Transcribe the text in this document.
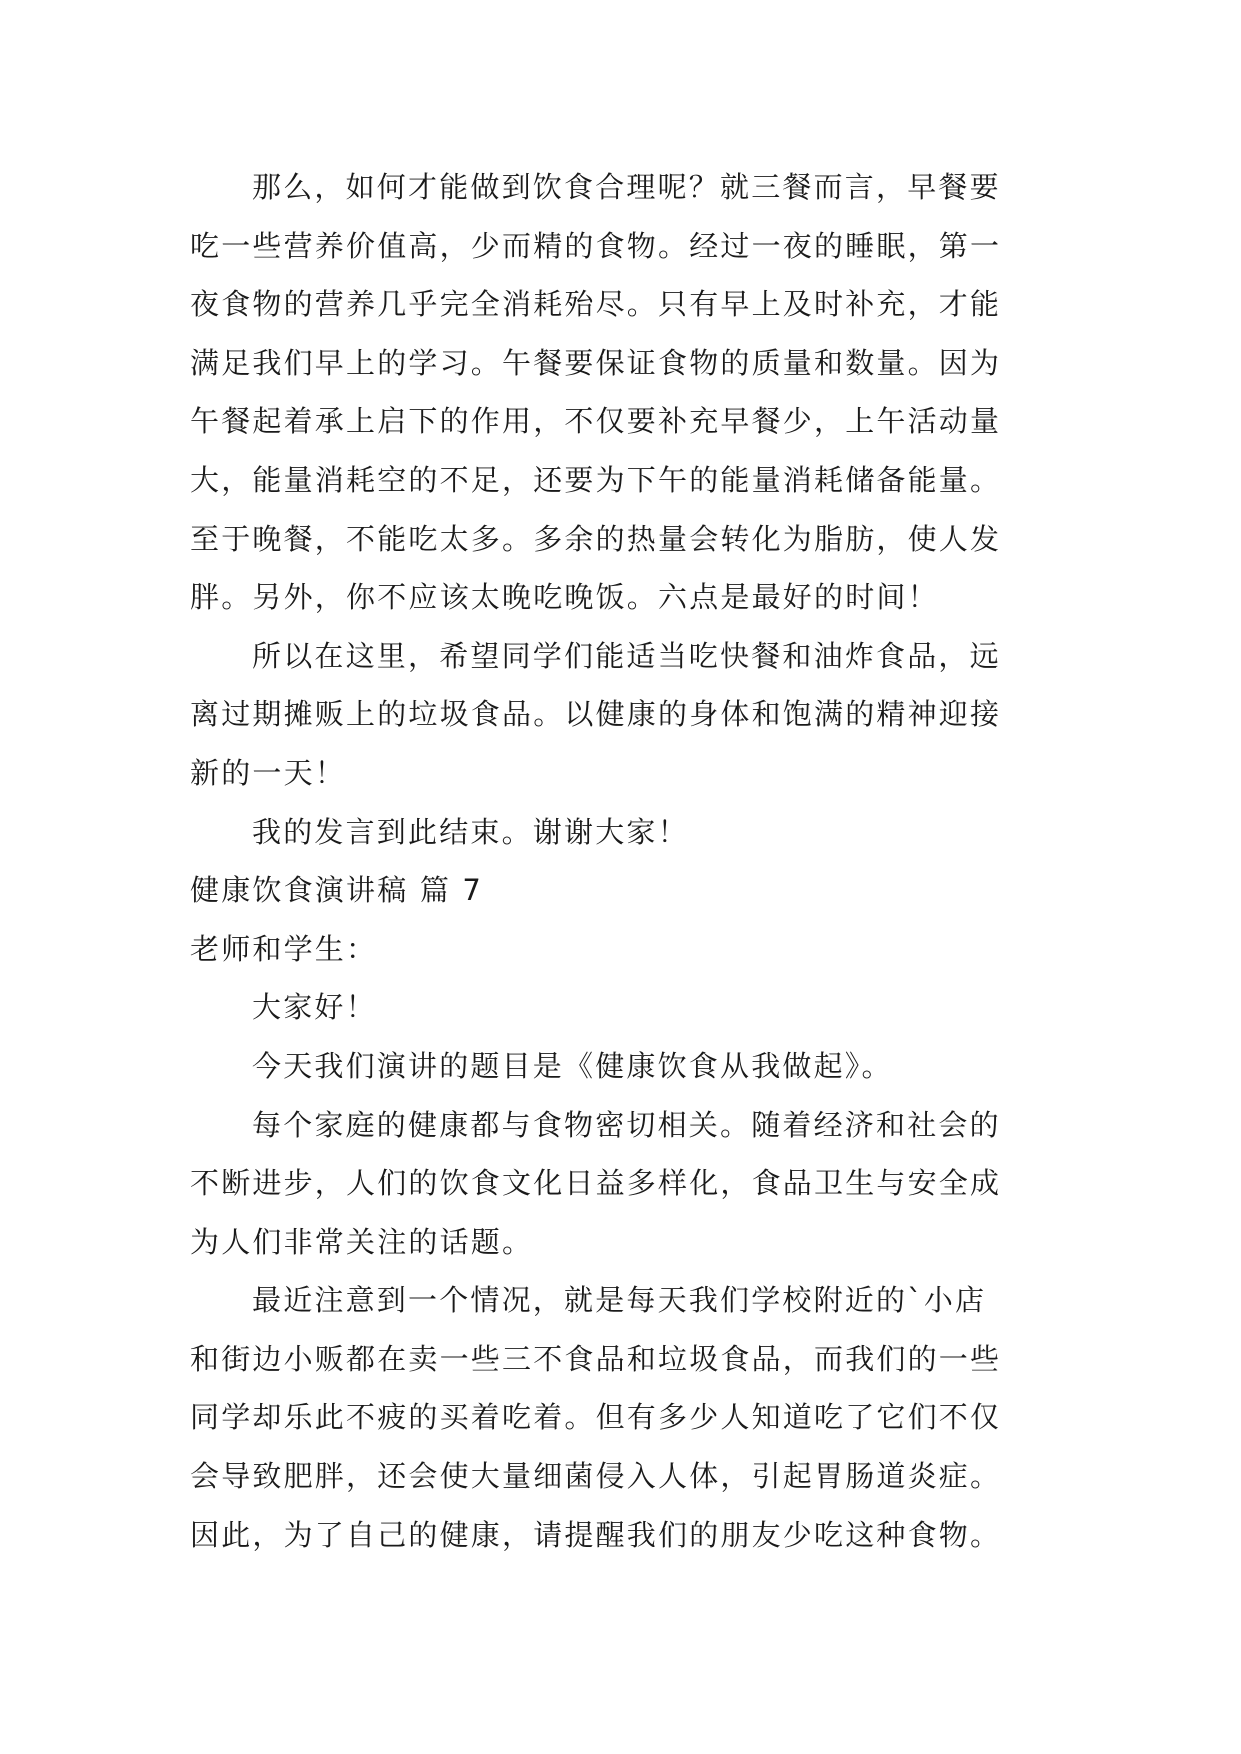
那么，如何才能做到饮食合理呢？就三餐而言，早餐要
吃一些营养价值高，少而精的食物。经过一夜的睡眠，第一
夜食物的营养几乎完全消耗殆尽。只有早上及时补充，才能
满足我们早上的学习。午餐要保证食物的质量和数量。因为
午餐起着承上启下的作用，不仅要补充早餐少，上午活动量
大，能量消耗空的不足，还要为下午的能量消耗储备能量。
至于晚餐，不能吃太多。多余的热量会转化为脂肪，使人发
胖。另外，你不应该太晚吃晚饭。六点是最好的时间！
所以在这里，希望同学们能适当吃快餐和油炸食品，远
离过期摊贩上的垃圾食品。以健康的身体和饱满的精神迎接
新的一天！
我的发言到此结束。谢谢大家！
健康饮食演讲稿 篇 7
老师和学生：
大家好！
今天我们演讲的题目是《健康饮食从我做起》。
每个家庭的健康都与食物密切相关。随着经济和社会的
不断进步，人们的饮食文化日益多样化，食品卫生与安全成
为人们非常关注的话题。
最近注意到一个情况，就是每天我们学校附近的`小店
和街边小贩都在卖一些三不食品和垃圾食品，而我们的一些
同学却乐此不疲的买着吃着。但有多少人知道吃了它们不仅
会导致肥胖，还会使大量细菌侵入人体，引起胃肠道炎症。
因此，为了自己的健康，请提醒我们的朋友少吃这种食物。
